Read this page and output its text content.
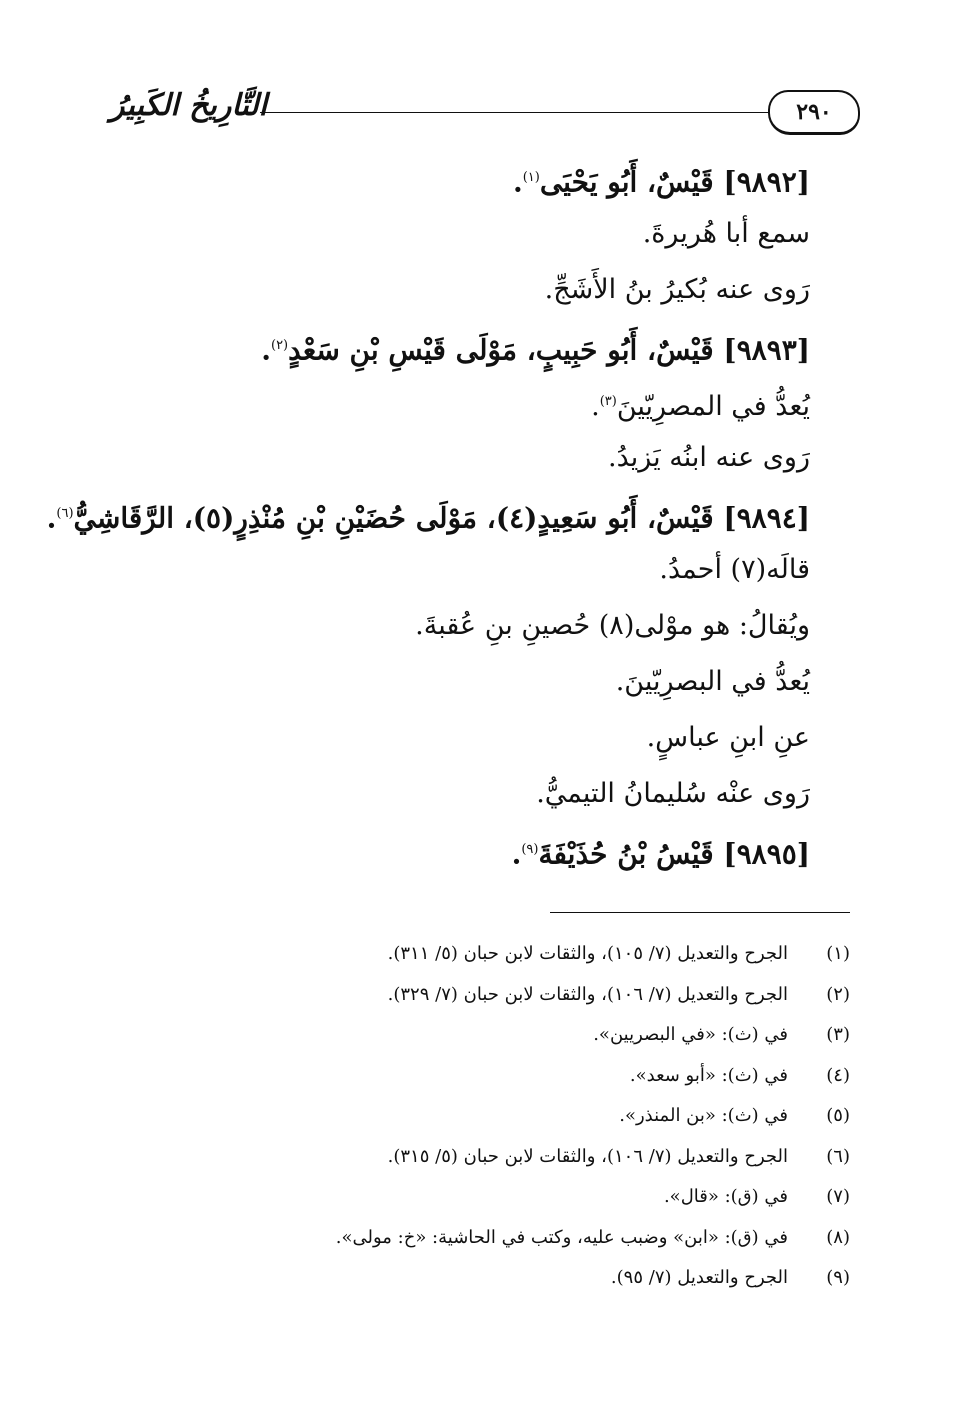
٢٩٠
التَّارِيخُ الكَبِيرُ
[٩٨٩٢] قَيْسٌ، أَبُو يَحْيَى$^{(١)}$.
سمع أبا هُريرةَ.
رَوى عنه بُكيرُ بنُ الأَشَجِّ.
[٩٨٩٣] قَيْسٌ، أَبُو حَبِيبٍ، مَوْلَى قَيْسِ بْنِ سَعْدٍ$^{(٢)}$.
يُعدُّ في المصرِيّينَ$^{(٣)}$.
رَوى عنه ابنُه يَزيدُ.
[٩٨٩٤] قَيْسٌ، أَبُو سَعِيدٍ(٤)، مَوْلَى حُضَيْنِ بْنِ مُنْذِرٍ(٥)، الرَّقَاشِيُّ$^{(٦)}$.
قالَه(٧) أحمدُ.
ويُقالُ: هو موْلى(٨) حُصينِ بنِ عُقبةَ.
يُعدُّ في البصرِيّينَ.
عنِ ابنِ عباسٍ.
رَوى عنْه سُليمانُ التيميُّ.
[٩٨٩٥] قَيْسُ بْنُ حُذَيْفَةَ$^{(٩)}$.
(١)
الجرح والتعديل (٧/ ١٠٥)، والثقات لابن حبان (٥/ ٣١١).
(٢)
الجرح والتعديل (٧/ ١٠٦)، والثقات لابن حبان (٧/ ٣٢٩).
(٣)
في (ث): «في البصريين».
(٤)
في (ث): «أبو سعد».
(٥)
في (ث): «بن المنذر».
(٦)
الجرح والتعديل (٧/ ١٠٦)، والثقات لابن حبان (٥/ ٣١٥).
(٧)
في (ق): «قال».
(٨)
في (ق): «ابن» وضبب عليه، وكتب في الحاشية: «خ: مولى».
(٩)
الجرح والتعديل (٧/ ٩٥).
